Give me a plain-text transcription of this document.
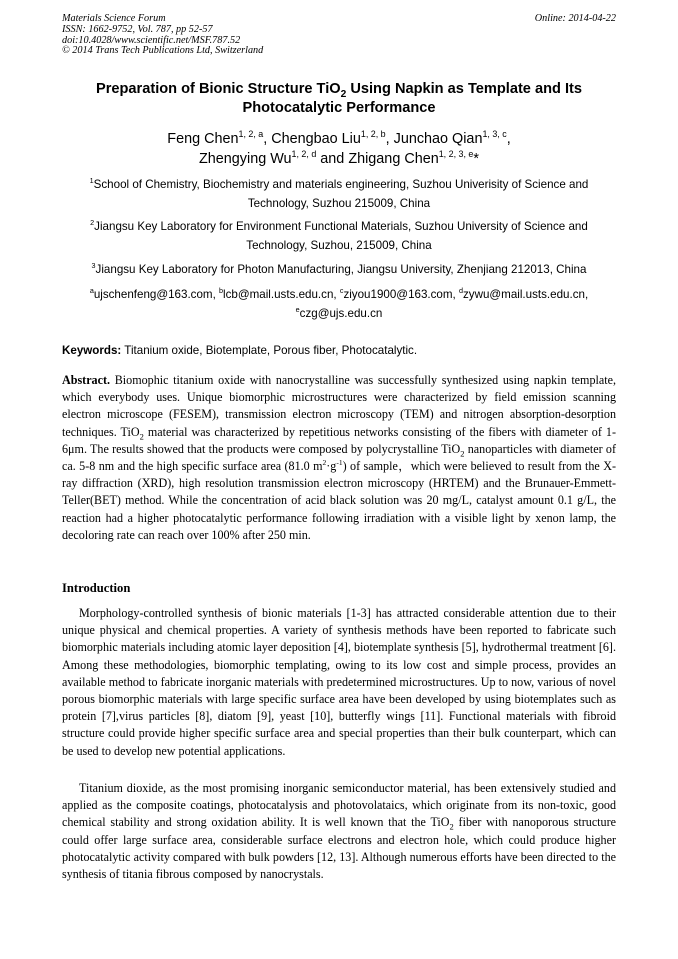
Materials Science Forum
ISSN: 1662-9752, Vol. 787, pp 52-57
doi:10.4028/www.scientific.net/MSF.787.52
© 2014 Trans Tech Publications Ltd, Switzerland
Online: 2014-04-22
Preparation of Bionic Structure TiO$_2$ Using Napkin as Template and Its Photocatalytic Performance
Feng Chen$^{1, 2, a}$, Chengbao Liu$^{1, 2, b}$, Junchao Qian$^{1, 3, c}$,
Zhengying Wu$^{1, 2, d}$ and Zhigang Chen$^{1, 2, 3, e}$*
$^1$School of Chemistry, Biochemistry and materials engineering, Suzhou Univerisity of Science and Technology, Suzhou 215009, China
$^2$Jiangsu Key Laboratory for Environment Functional Materials, Suzhou University of Science and Technology, Suzhou, 215009, China
$^3$Jiangsu Key Laboratory for Photon Manufacturing, Jiangsu University, Zhenjiang 212013, China
$^a$ujschenfeng@163.com, $^b$lcb@mail.usts.edu.cn, $^c$ziyou1900@163.com, $^d$zywu@mail.usts.edu.cn,
$^e$czg@ujs.edu.cn
Keywords: Titanium oxide, Biotemplate, Porous fiber, Photocatalytic.
Abstract. Biomophic titanium oxide with nanocrystalline was successfully synthesized using napkin template, which everybody uses. Unique biomorphic microstructures were characterized by field emission scanning electron microscope (FESEM), transmission electron microscopy (TEM) and nitrogen absorption-desorption techniques. TiO$_2$ material was characterized by repetitious networks consisting of the fibers with diameter of 1-6μm. The results showed that the products were composed by polycrystalline TiO$_2$ nanoparticles with diameter of ca. 5-8 nm and the high specific surface area (81.0 $m^2\cdot g^{-1}$) of sample，which were believed to result from the X-ray diffraction (XRD), high resolution transmission electron microscopy (HRTEM) and the Brunauer-Emmett-Teller(BET) method. While the concentration of acid black solution was 20 mg/L, catalyst amount 0.1 g/L, the reaction had a higher photocatalytic performance following irradiation with a visible light by xenon lamp, the decoloring rate can reach over 100% after 250 min.
Introduction
Morphology-controlled synthesis of bionic materials [1-3] has attracted considerable attention due to their unique physical and chemical properties. A variety of synthesis methods have been reported to fabricate such biomorphic materials including atomic layer deposition [4], biotemplate synthesis [5], hydrothermal treatment [6]. Among these methodologies, biomorphic templating, owing to its low cost and simple process, provides an available method to fabricate inorganic materials with predetermined microstructures. Up to now, various of novel porous biomorphic materials with large specific surface area have been developed by using biotemplates such as protein [7],virus particles [8], diatom [9], yeast [10], butterfly wings [11]. Functional materials with fibroid structure could provide higher specific surface area and special properties than their bulk counterpart, which can be used to develop new potential applications.
Titanium dioxide, as the most promising inorganic semiconductor material, has been extensively studied and applied as the composite coatings, photocatalysis and photovolataics, which originate from its non-toxic, good chemical stability and strong oxidation ability. It is well known that the TiO$_2$ fiber with nanoporous structure could offer large surface area, considerable surface electrons and electron hole, which could produce higher photocatalytic activity compared with bulk powders [12, 13]. Although numerous efforts have been directed to the synthesis of titania fibrous composed by nanocrystals.
